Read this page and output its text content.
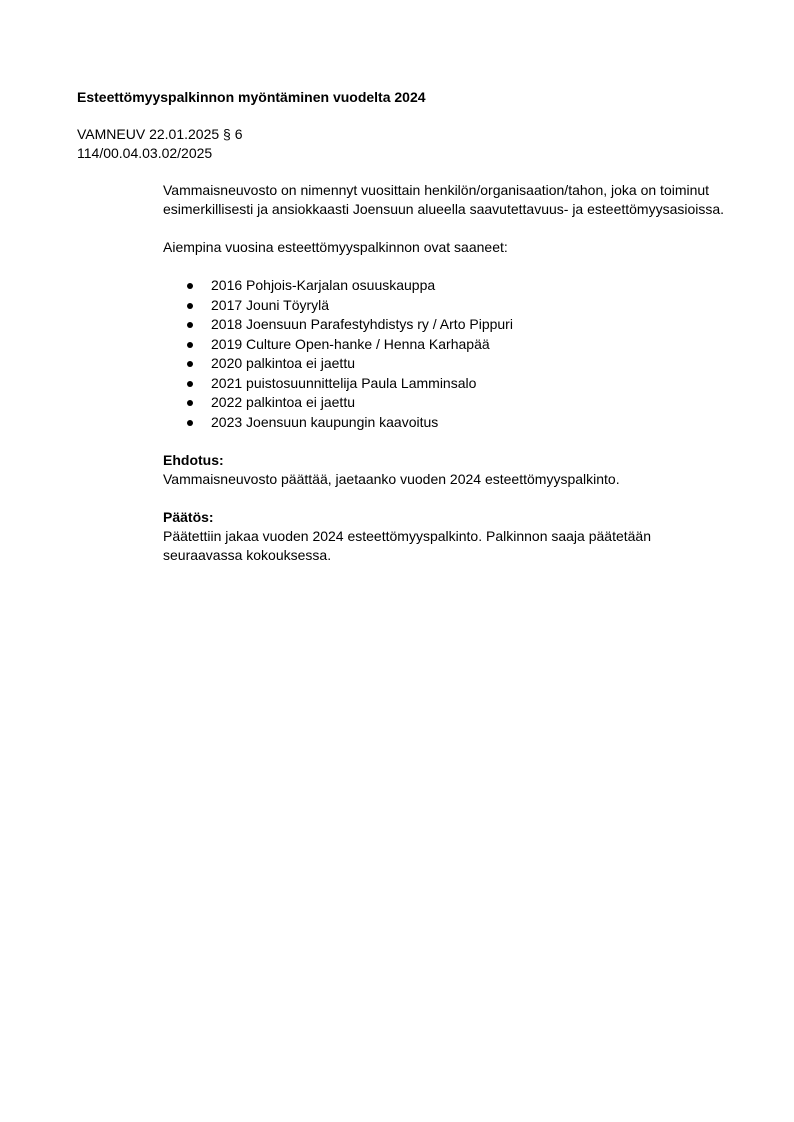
Esteettömyyspalkinnon myöntäminen vuodelta 2024
VAMNEUV 22.01.2025 § 6
114/00.04.03.02/2025

Vammaisneuvosto on nimennyt vuosittain henkilön/organisaation/tahon, joka on toiminut esimerkillisesti ja ansiokkaasti Joensuun alueella saavutettavuus- ja esteettömyysasioissa.

Aiempina vuosina esteettömyyspalkinnon ovat saaneet:

2016 Pohjois-Karjalan osuuskauppa
2017 Jouni Töyrylä
2018 Joensuun Parafestyhdistys ry / Arto Pippuri
2019 Culture Open-hanke / Henna Karhapää
2020 palkintoa ei jaettu
2021 puistosuunnittelija Paula Lamminsalo
2022 palkintoa ei jaettu
2023 Joensuun kaupungin kaavoitus
Ehdotus:

Vammaisneuvosto päättää, jaetaanko vuoden 2024 esteettömyyspalkinto.

Päätös:

Päätettiin jakaa vuoden 2024 esteettömyyspalkinto. Palkinnon saaja päätetään seuraavassa kokouksessa.
